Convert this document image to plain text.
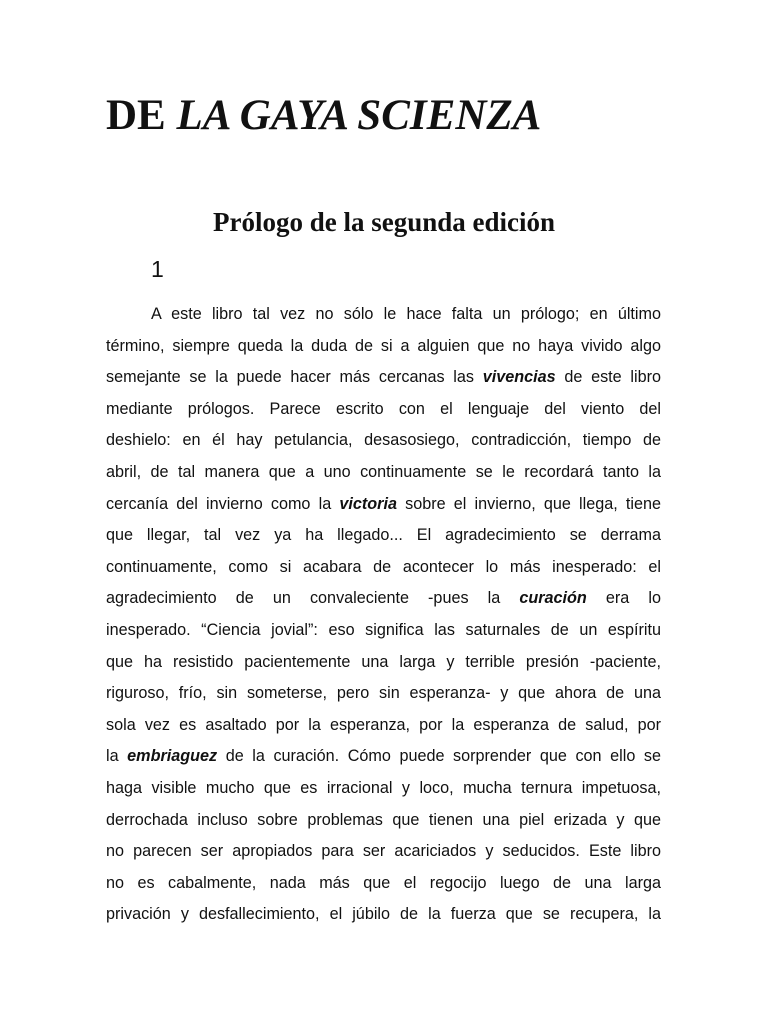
DE LA GAYA SCIENZA
Prólogo de la segunda edición
1
A este libro tal vez no sólo le hace falta un prólogo; en último
término, siempre queda la duda de si a alguien que no haya vivido algo
semejante se la puede hacer más cercanas las vivencias de este libro
mediante prólogos. Parece escrito con el lenguaje del viento del
deshielo: en él hay petulancia, desasosiego, contradicción, tiempo de
abril, de tal manera que a uno continuamente se le recordará tanto la
cercanía del invierno como la victoria sobre el invierno, que llega, tiene
que llegar, tal vez ya ha llegado... El agradecimiento se derrama
continuamente, como si acabara de acontecer lo más inesperado: el
agradecimiento de un convaleciente -pues la curación era lo
inesperado. “Ciencia jovial”: eso significa las saturnales de un espíritu
que ha resistido pacientemente una larga y terrible presión -paciente,
riguroso, frío, sin someterse, pero sin esperanza- y que ahora de una
sola vez es asaltado por la esperanza, por la esperanza de salud, por
la embriaguez de la curación. Cómo puede sorprender que con ello se
haga visible mucho que es irracional y loco, mucha ternura impetuosa,
derrochada incluso sobre problemas que tienen una piel erizada y que
no parecen ser apropiados para ser acariciados y seducidos. Este libro
no es cabalmente, nada más que el regocijo luego de una larga
privación y desfallecimiento, el júbilo de la fuerza que se recupera, la
